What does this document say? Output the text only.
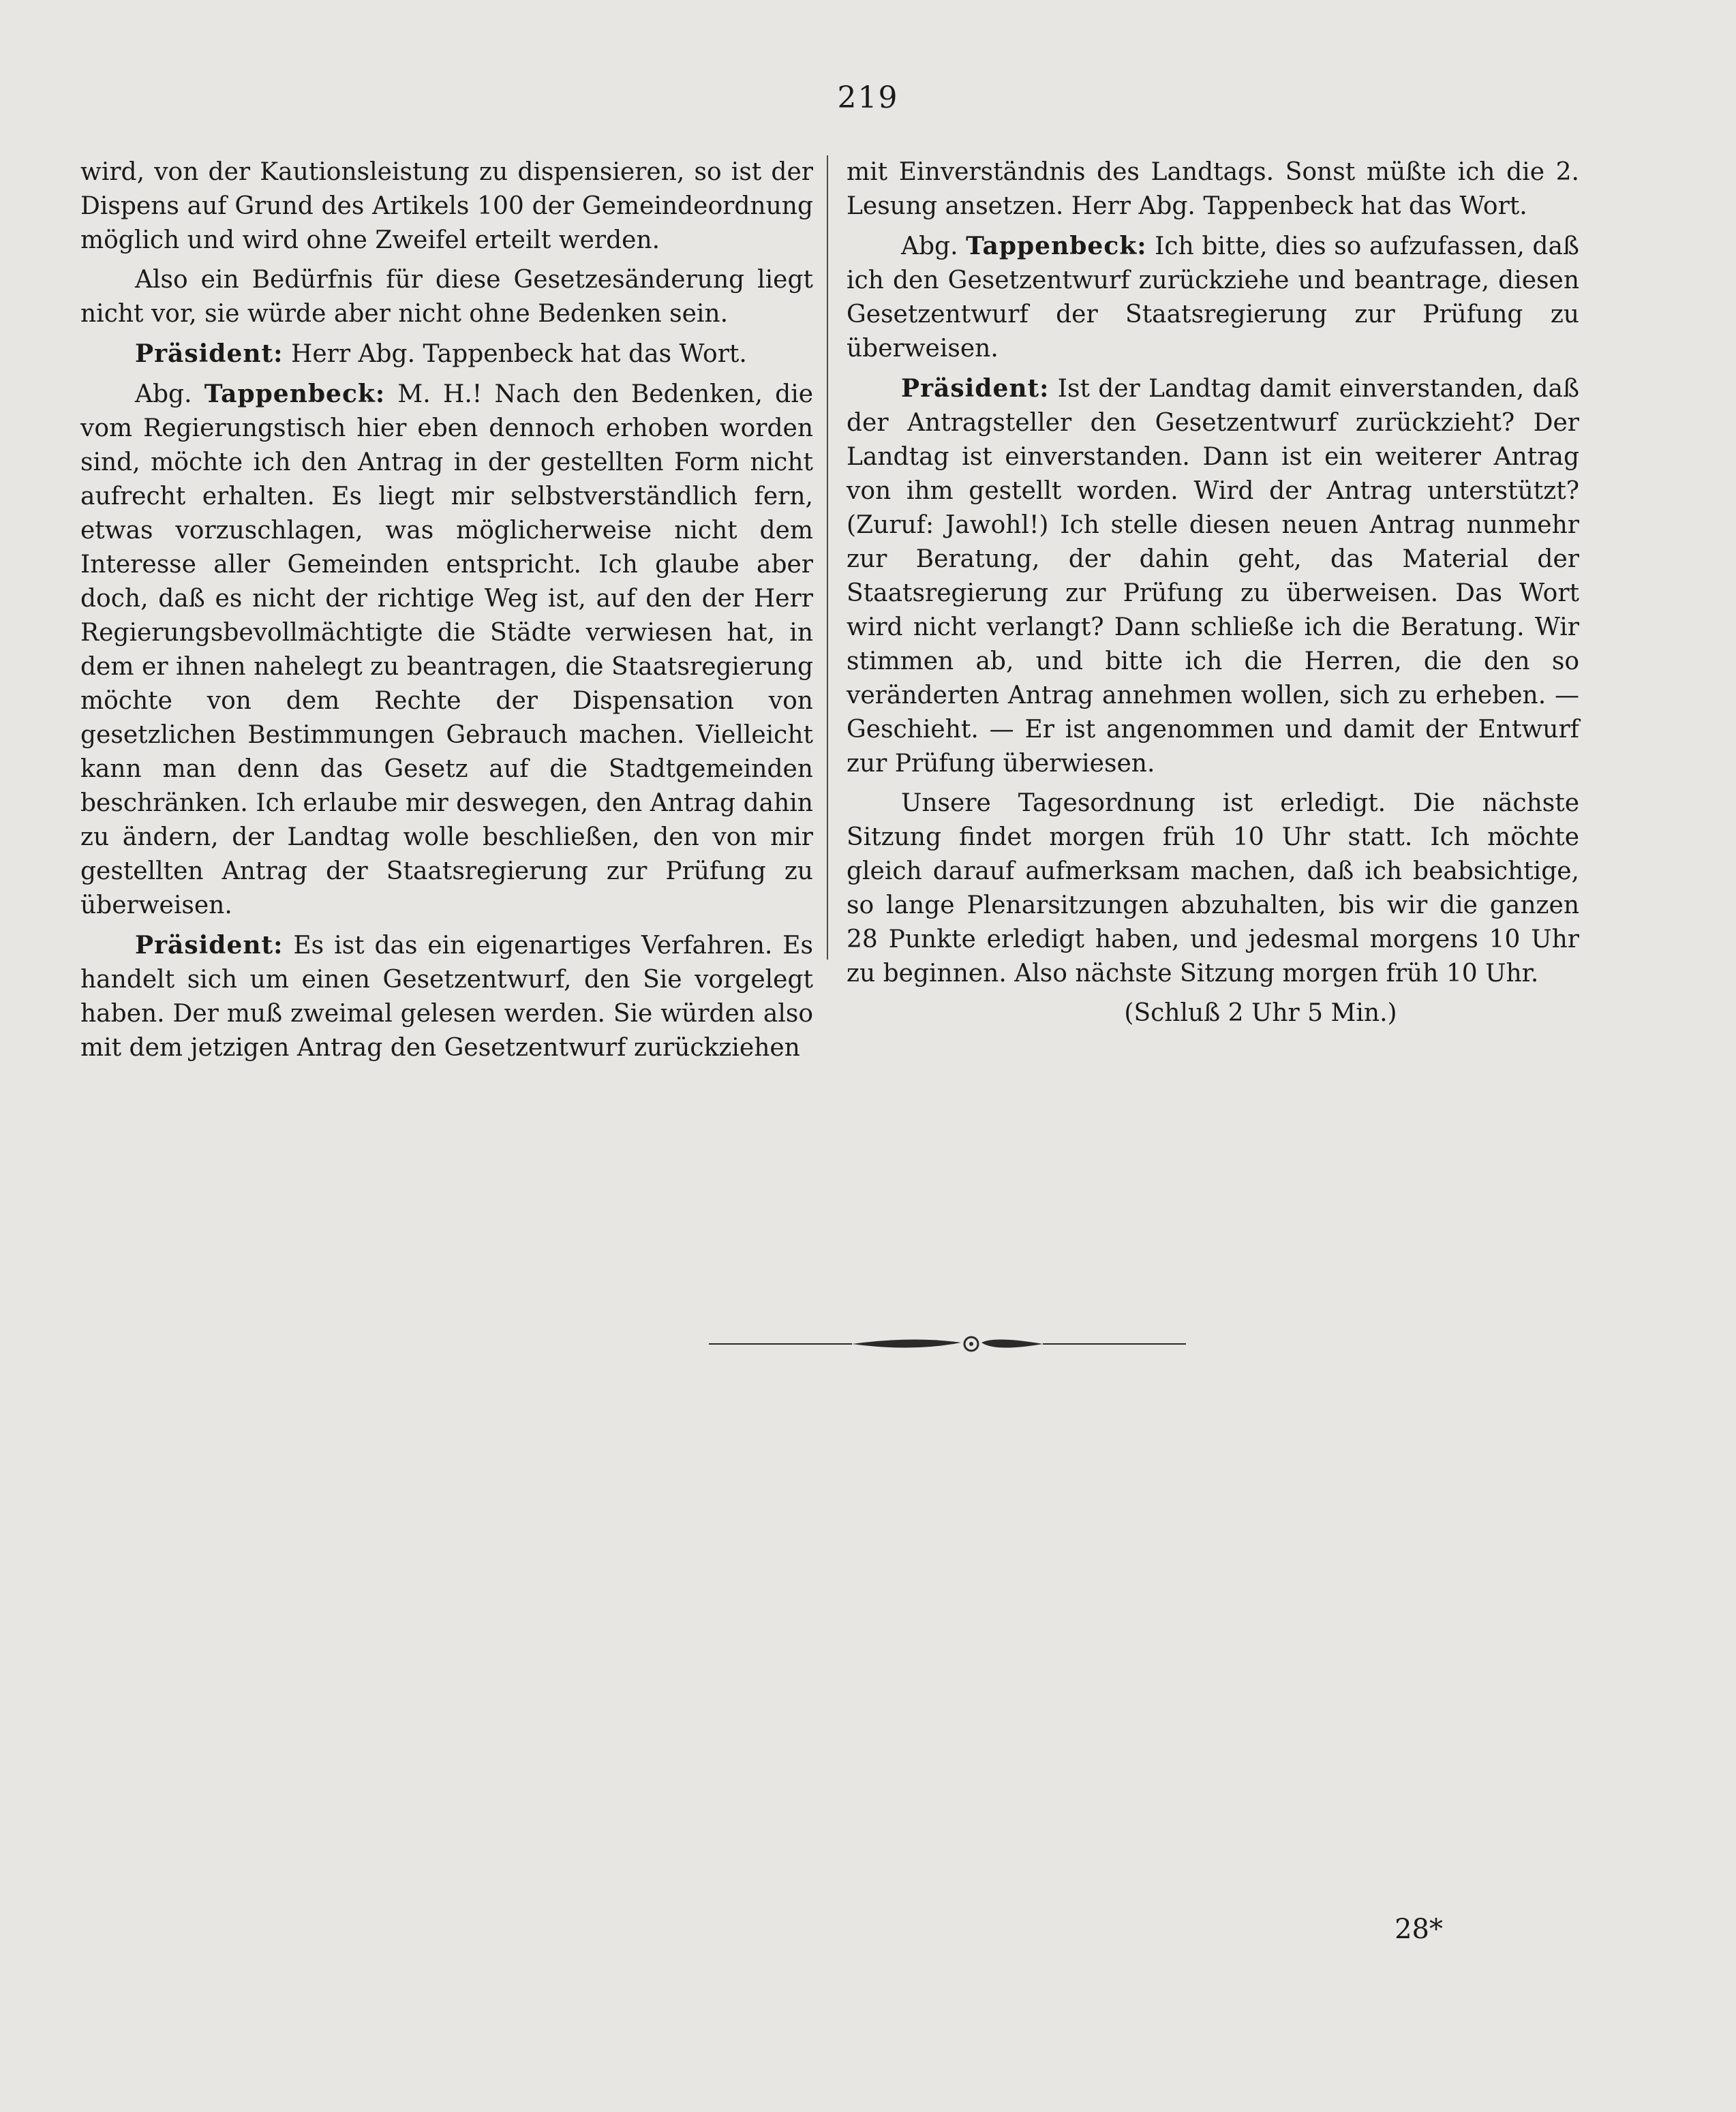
219

wird, von der Kautionsleistung zu dispensieren, so ist der Dispens auf Grund des Artikels 100 der Gemeindeordnung möglich und wird ohne Zweifel erteilt werden.

Also ein Bedürfnis für diese Gesetzesänderung liegt nicht vor, sie würde aber nicht ohne Bedenken sein.

Präsident: Herr Abg. Tappenbeck hat das Wort.

Abg. Tappenbeck: M. H.! Nach den Bedenken, die vom Regierungstisch hier eben dennoch erhoben worden sind, möchte ich den Antrag in der gestellten Form nicht aufrecht erhalten. Es liegt mir selbstverständlich fern, etwas vorzuschlagen, was möglicherweise nicht dem Interesse aller Gemeinden entspricht. Ich glaube aber doch, daß es nicht der richtige Weg ist, auf den der Herr Regierungsbevollmächtigte die Städte verwiesen hat, in dem er ihnen nahelegt zu beantragen, die Staatsregierung möchte von dem Rechte der Dispensation von gesetzlichen Bestimmungen Gebrauch machen. Vielleicht kann man denn das Gesetz auf die Stadtgemeinden beschränken. Ich erlaube mir deswegen, den Antrag dahin zu ändern, der Landtag wolle beschließen, den von mir gestellten Antrag der Staatsregierung zur Prüfung zu überweisen.

Präsident: Es ist das ein eigenartiges Verfahren. Es handelt sich um einen Gesetzentwurf, den Sie vorgelegt haben. Der muß zweimal gelesen werden. Sie würden also mit dem jetzigen Antrag den Gesetzentwurf zurückziehen

mit Einverständnis des Landtags. Sonst müßte ich die 2. Lesung ansetzen. Herr Abg. Tappenbeck hat das Wort.

Abg. Tappenbeck: Ich bitte, dies so aufzufassen, daß ich den Gesetzentwurf zurückziehe und beantrage, diesen Gesetzentwurf der Staatsregierung zur Prüfung zu überweisen.

Präsident: Ist der Landtag damit einverstanden, daß der Antragsteller den Gesetzentwurf zurückzieht? Der Landtag ist einverstanden. Dann ist ein weiterer Antrag von ihm gestellt worden. Wird der Antrag unterstützt? (Zuruf: Jawohl!) Ich stelle diesen neuen Antrag nunmehr zur Beratung, der dahin geht, das Material der Staatsregierung zur Prüfung zu überweisen. Das Wort wird nicht verlangt? Dann schließe ich die Beratung. Wir stimmen ab, und bitte ich die Herren, die den so veränderten Antrag annehmen wollen, sich zu erheben. — Geschieht. — Er ist angenommen und damit der Entwurf zur Prüfung überwiesen.

Unsere Tagesordnung ist erledigt. Die nächste Sitzung findet morgen früh 10 Uhr statt. Ich möchte gleich darauf aufmerksam machen, daß ich beabsichtige, so lange Plenarsitzungen abzuhalten, bis wir die ganzen 28 Punkte erledigt haben, und jedesmal morgens 10 Uhr zu beginnen. Also nächste Sitzung morgen früh 10 Uhr.

(Schluß 2 Uhr 5 Min.)

28*
